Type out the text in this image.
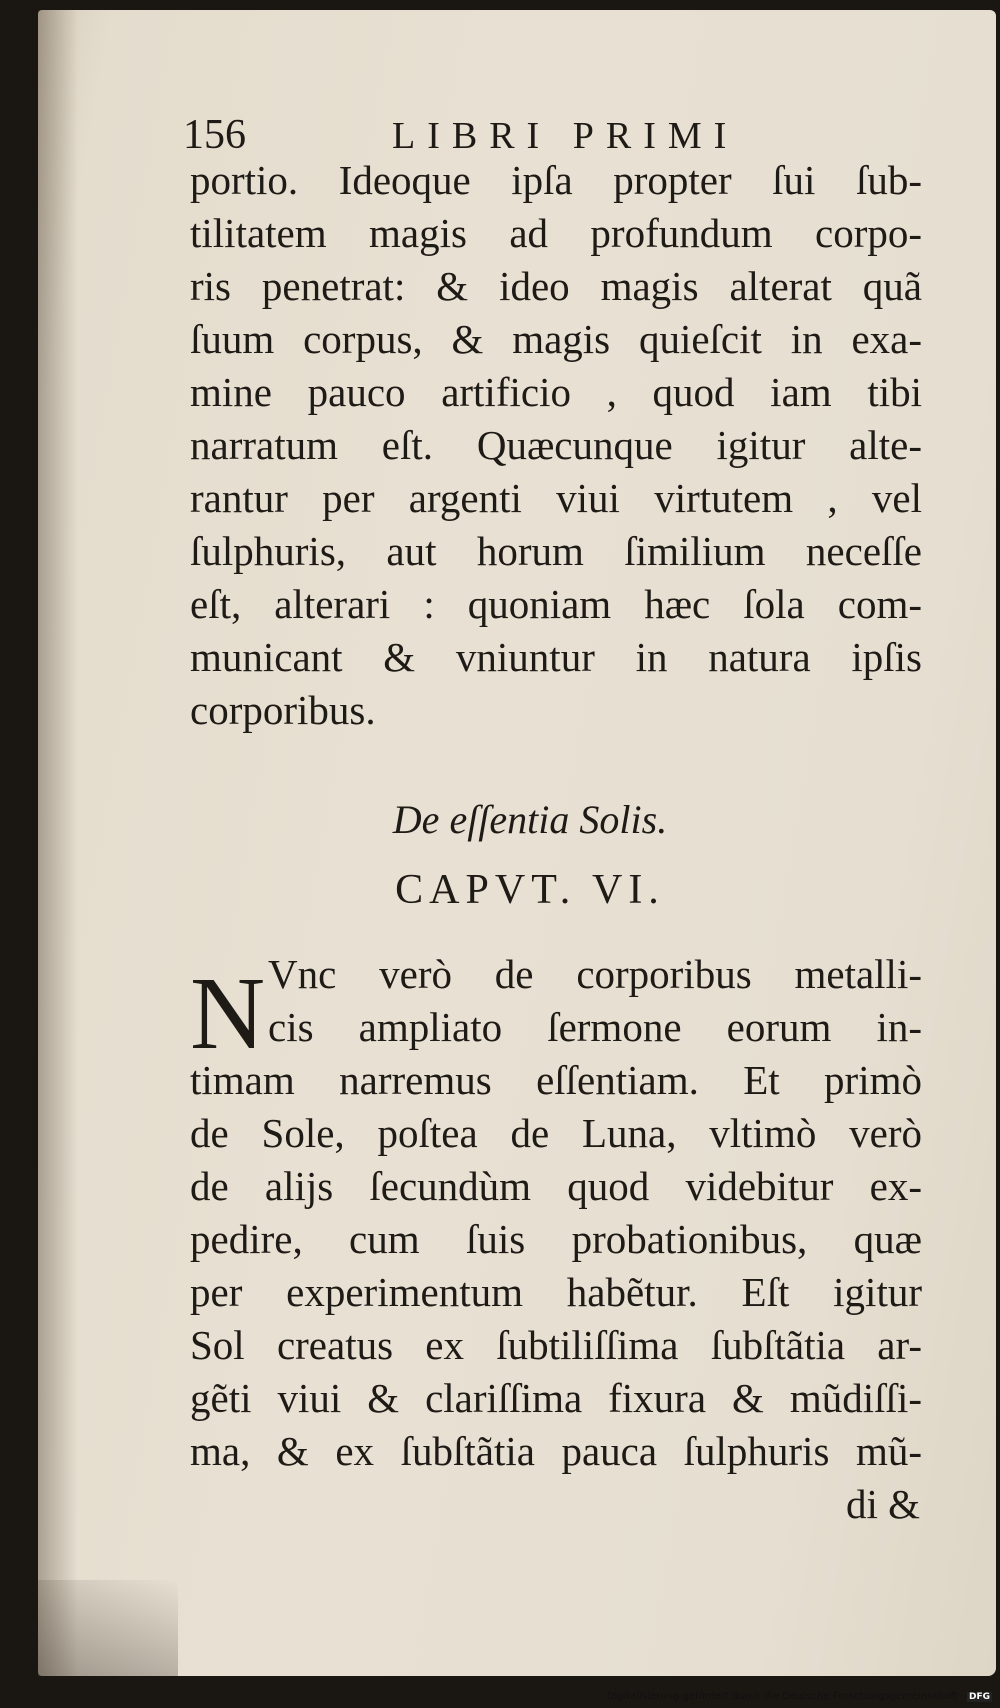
156	LIBRI PRIMI
portio. Ideoque ipſa propter ſui ſub-
tilitatem magis ad profundum corpo-
ris penetrat: & ideo magis alterat quã
ſuum corpus, & magis quieſcit in exa-
mine pauco artificio , quod iam tibi
narratum eſt. Quæcunque igitur alte-
rantur per argenti viui virtutem , vel
ſulphuris, aut horum ſimilium neceſſe
eſt, alterari : quoniam hæc ſola com-
municant & vniuntur in natura ipſis
corporibus.
De eſſentia Solis.
CAPVT. VI.
N Vnc verò de corporibus metalli-
cis ampliato ſermone eorum in-
timam narremus eſſentiam. Et primò
de Sole, poſtea de Luna, vltimò verò
de alijs ſecundùm quod videbitur ex-
pedire, cum ſuis probationibus, quæ
per experimentum habẽtur. Eſt igitur
Sol creatus ex ſubtiliſſima ſubſtãtia ar-
gẽti viui & clariſſima fixura & mũdiſſi-
ma, & ex ſubſtãtia pauca ſulphuris mũ-
di &
Digitalisierung gefördert durch die Deutsche Forschungsgemeinschaft · DFG
